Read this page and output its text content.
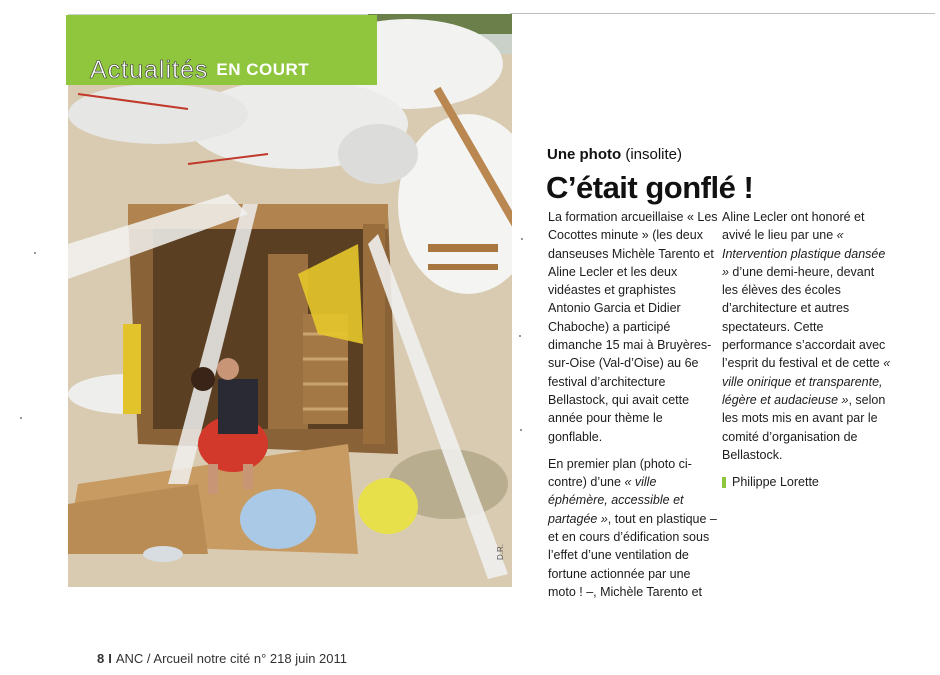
Actualités EN COURT
D.R.
Une photo (insolite)
C’était gonflé !

La formation arcueillaise « Les Cocottes minute » (les deux danseuses Michèle Tarento et Aline Lecler et les deux vidéastes et graphistes Antonio Garcia et Didier Chaboche) a participé dimanche 15 mai à Bruyères-sur-Oise (Val-d’Oise) au 6e festival d’architecture Bellastock, qui avait cette année pour thème le gonflable.

En premier plan (photo ci-contre) d’une « ville éphémère, accessible et partagée », tout en plastique – et en cours d’édification sous l’effet d’une ventilation de fortune actionnée par une moto ! –, Michèle Tarento et

Aline Lecler ont honoré et avivé le lieu par une « Intervention plastique dansée » d’une demi-heure, devant les élèves des écoles d’architecture et autres spectateurs. Cette performance s’accordait avec l’esprit du festival et de cette « ville onirique et transparente, légère et audacieuse », selon les mots mis en avant par le comité d’organisation de Bellastock.

Philippe Lorette

8 I ANC / Arcueil notre cité n° 218 juin 2011
